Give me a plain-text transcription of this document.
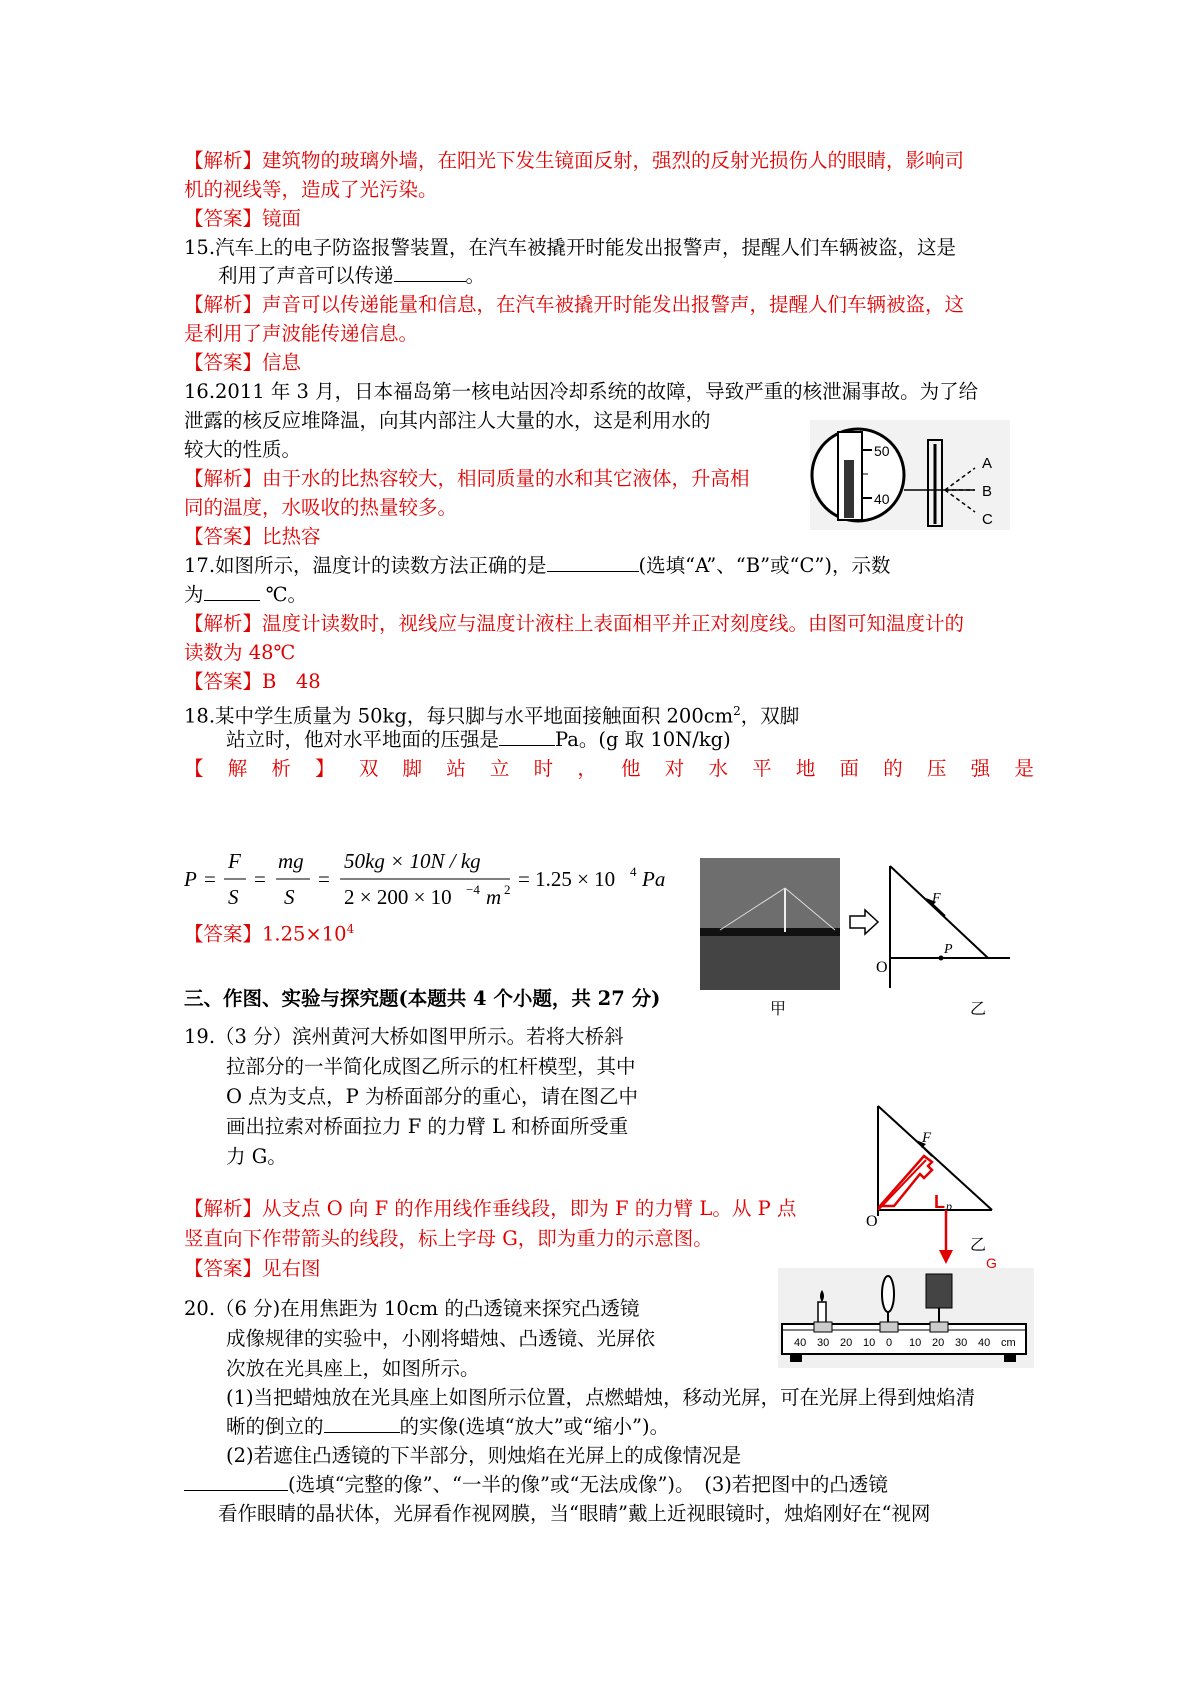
【解析】建筑物的玻璃外墙，在阳光下发生镜面反射，强烈的反射光损伤人的眼睛，影响司
机的视线等，造成了光污染。
【答案】镜面
15.汽车上的电子防盗报警装置，在汽车被撬开时能发出报警声，提醒人们车辆被盗，这是
利用了声音可以传递	。
【解析】声音可以传递能量和信息，在汽车被撬开时能发出报警声，提醒人们车辆被盗，这
是利用了声波能传递信息。
【答案】信息
16.2011 年 3 月，日本福岛第一核电站因冷却系统的故障，导致严重的核泄漏事故。为了给
泄露的核反应堆降温，向其内部注人大量的水，这是利用水的
较大的性质。
【解析】由于水的比热容较大，相同质量的水和其它液体，升高相
同的温度，水吸收的热量较多。
【答案】比热容
50
40
A
B
C
17.如图所示，温度计的读数方法正确的是	(选填“A”、“B”或“C”)，示数
为	℃。
【解析】温度计读数时，视线应与温度计液柱上表面相平并正对刻度线。由图可知温度计的
读数为 48℃
【答案】B　48
18.某中学生质量为 50kg，每只脚与水平地面接触面积 $200cm^2$，双脚
站立时，他对水平地面的压强是	Pa。(g 取 10N/kg)
【 解 析 】 双 脚 站 立 时 ， 他 对 水 平 地 面 的 压 强 是
P =
F
S
=
mg
S
=
50kg × 10N / kg
2 × 200 × 10 −4 m 2 = 1.25 × 10 4 Pa
【答案】$1.25\times 10^4$
F
P
O
甲	乙
三、作图、实验与探究题(本题共 4 个小题，共 27 分)
19.（3 分）滨州黄河大桥如图甲所示。若将大桥斜
拉部分的一半简化成图乙所示的杠杆模型，其中
O 点为支点，P 为桥面部分的重心，请在图乙中
画出拉索对桥面拉力 F 的力臂 L 和桥面所受重
力 G。
F
L p
O
乙
G
【解析】从支点 O 向 F 的作用线作垂线段，即为 F 的力臂 L。从 P 点
竖直向下作带箭头的线段，标上字母 G，即为重力的示意图。
【答案】见右图
40 30 20 10 0 10 20 30 40 cm
20.（6 分)在用焦距为 10cm 的凸透镜来探究凸透镜
成像规律的实验中，小刚将蜡烛、凸透镜、光屏依
次放在光具座上，如图所示。
(1)当把蜡烛放在光具座上如图所示位置，点燃蜡烛，移动光屏，可在光屏上得到烛焰清
晰的倒立的	的实像(选填“放大”或“缩小”)。
(2)若遮住凸透镜的下半部分，则烛焰在光屏上的成像情况是
(选填“完整的像”、“一半的像”或“无法成像”)。　(3)若把图中的凸透镜
看作眼睛的晶状体，光屏看作视网膜，当“眼睛”戴上近视眼镜时，烛焰刚好在“视网
